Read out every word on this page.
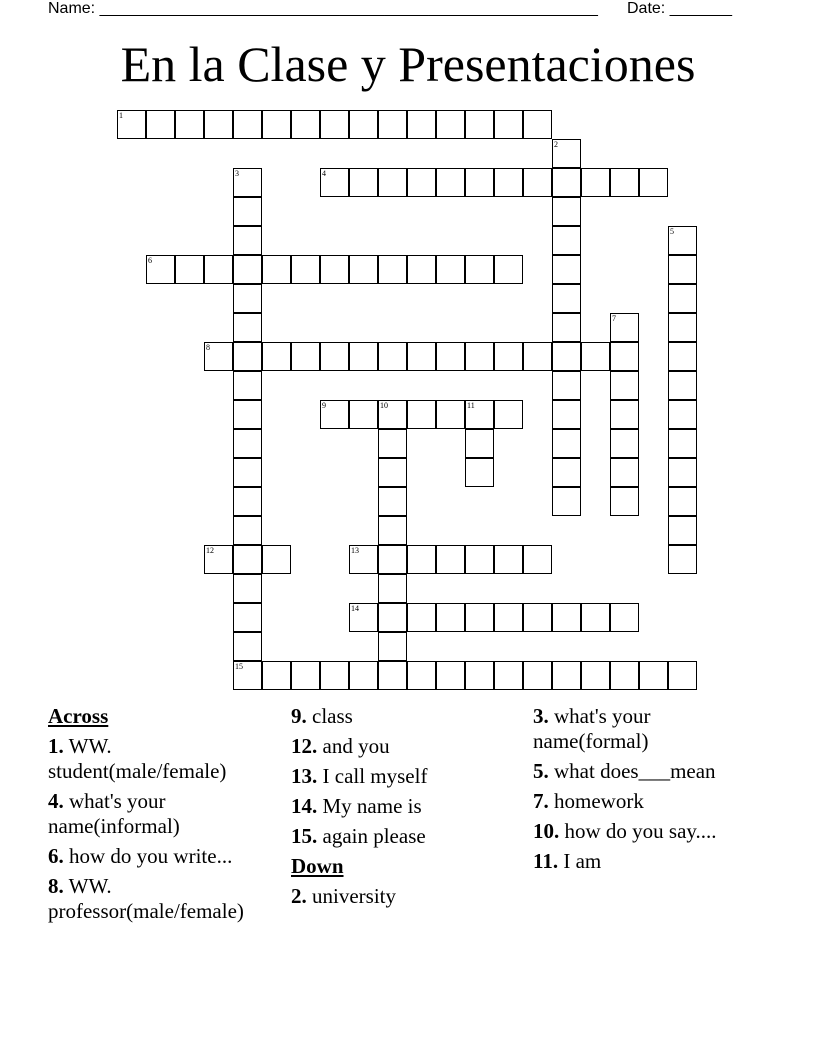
Name: ________________________________________________________ Date: _______
En la Clase y Presentaciones
1
2
3	4
5
6
7
8
9	10	11
12	13
14
15
Across
1. WW. student(male/female)
4. what's your name(informal)
6. how do you write...
8. WW. professor(male/female)
9. class
12. and you
13. I call myself
14. My name is
15. again please
Down
2. university
3. what's your name(formal)
5. what does___mean
7. homework
10. how do you say....
11. I am
